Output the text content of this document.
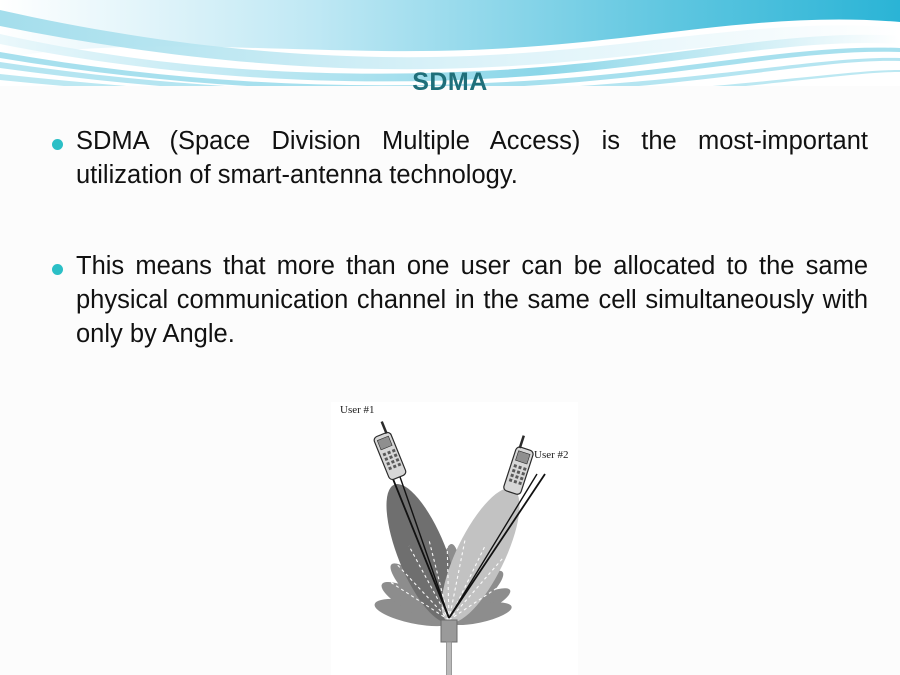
SDMA
SDMA (Space Division Multiple Access) is the most-important utilization of smart-antenna technology.
This means that more than one user can be allocated to the same physical communication channel in the same cell simultaneously with only by Angle.
User #1
User #2
